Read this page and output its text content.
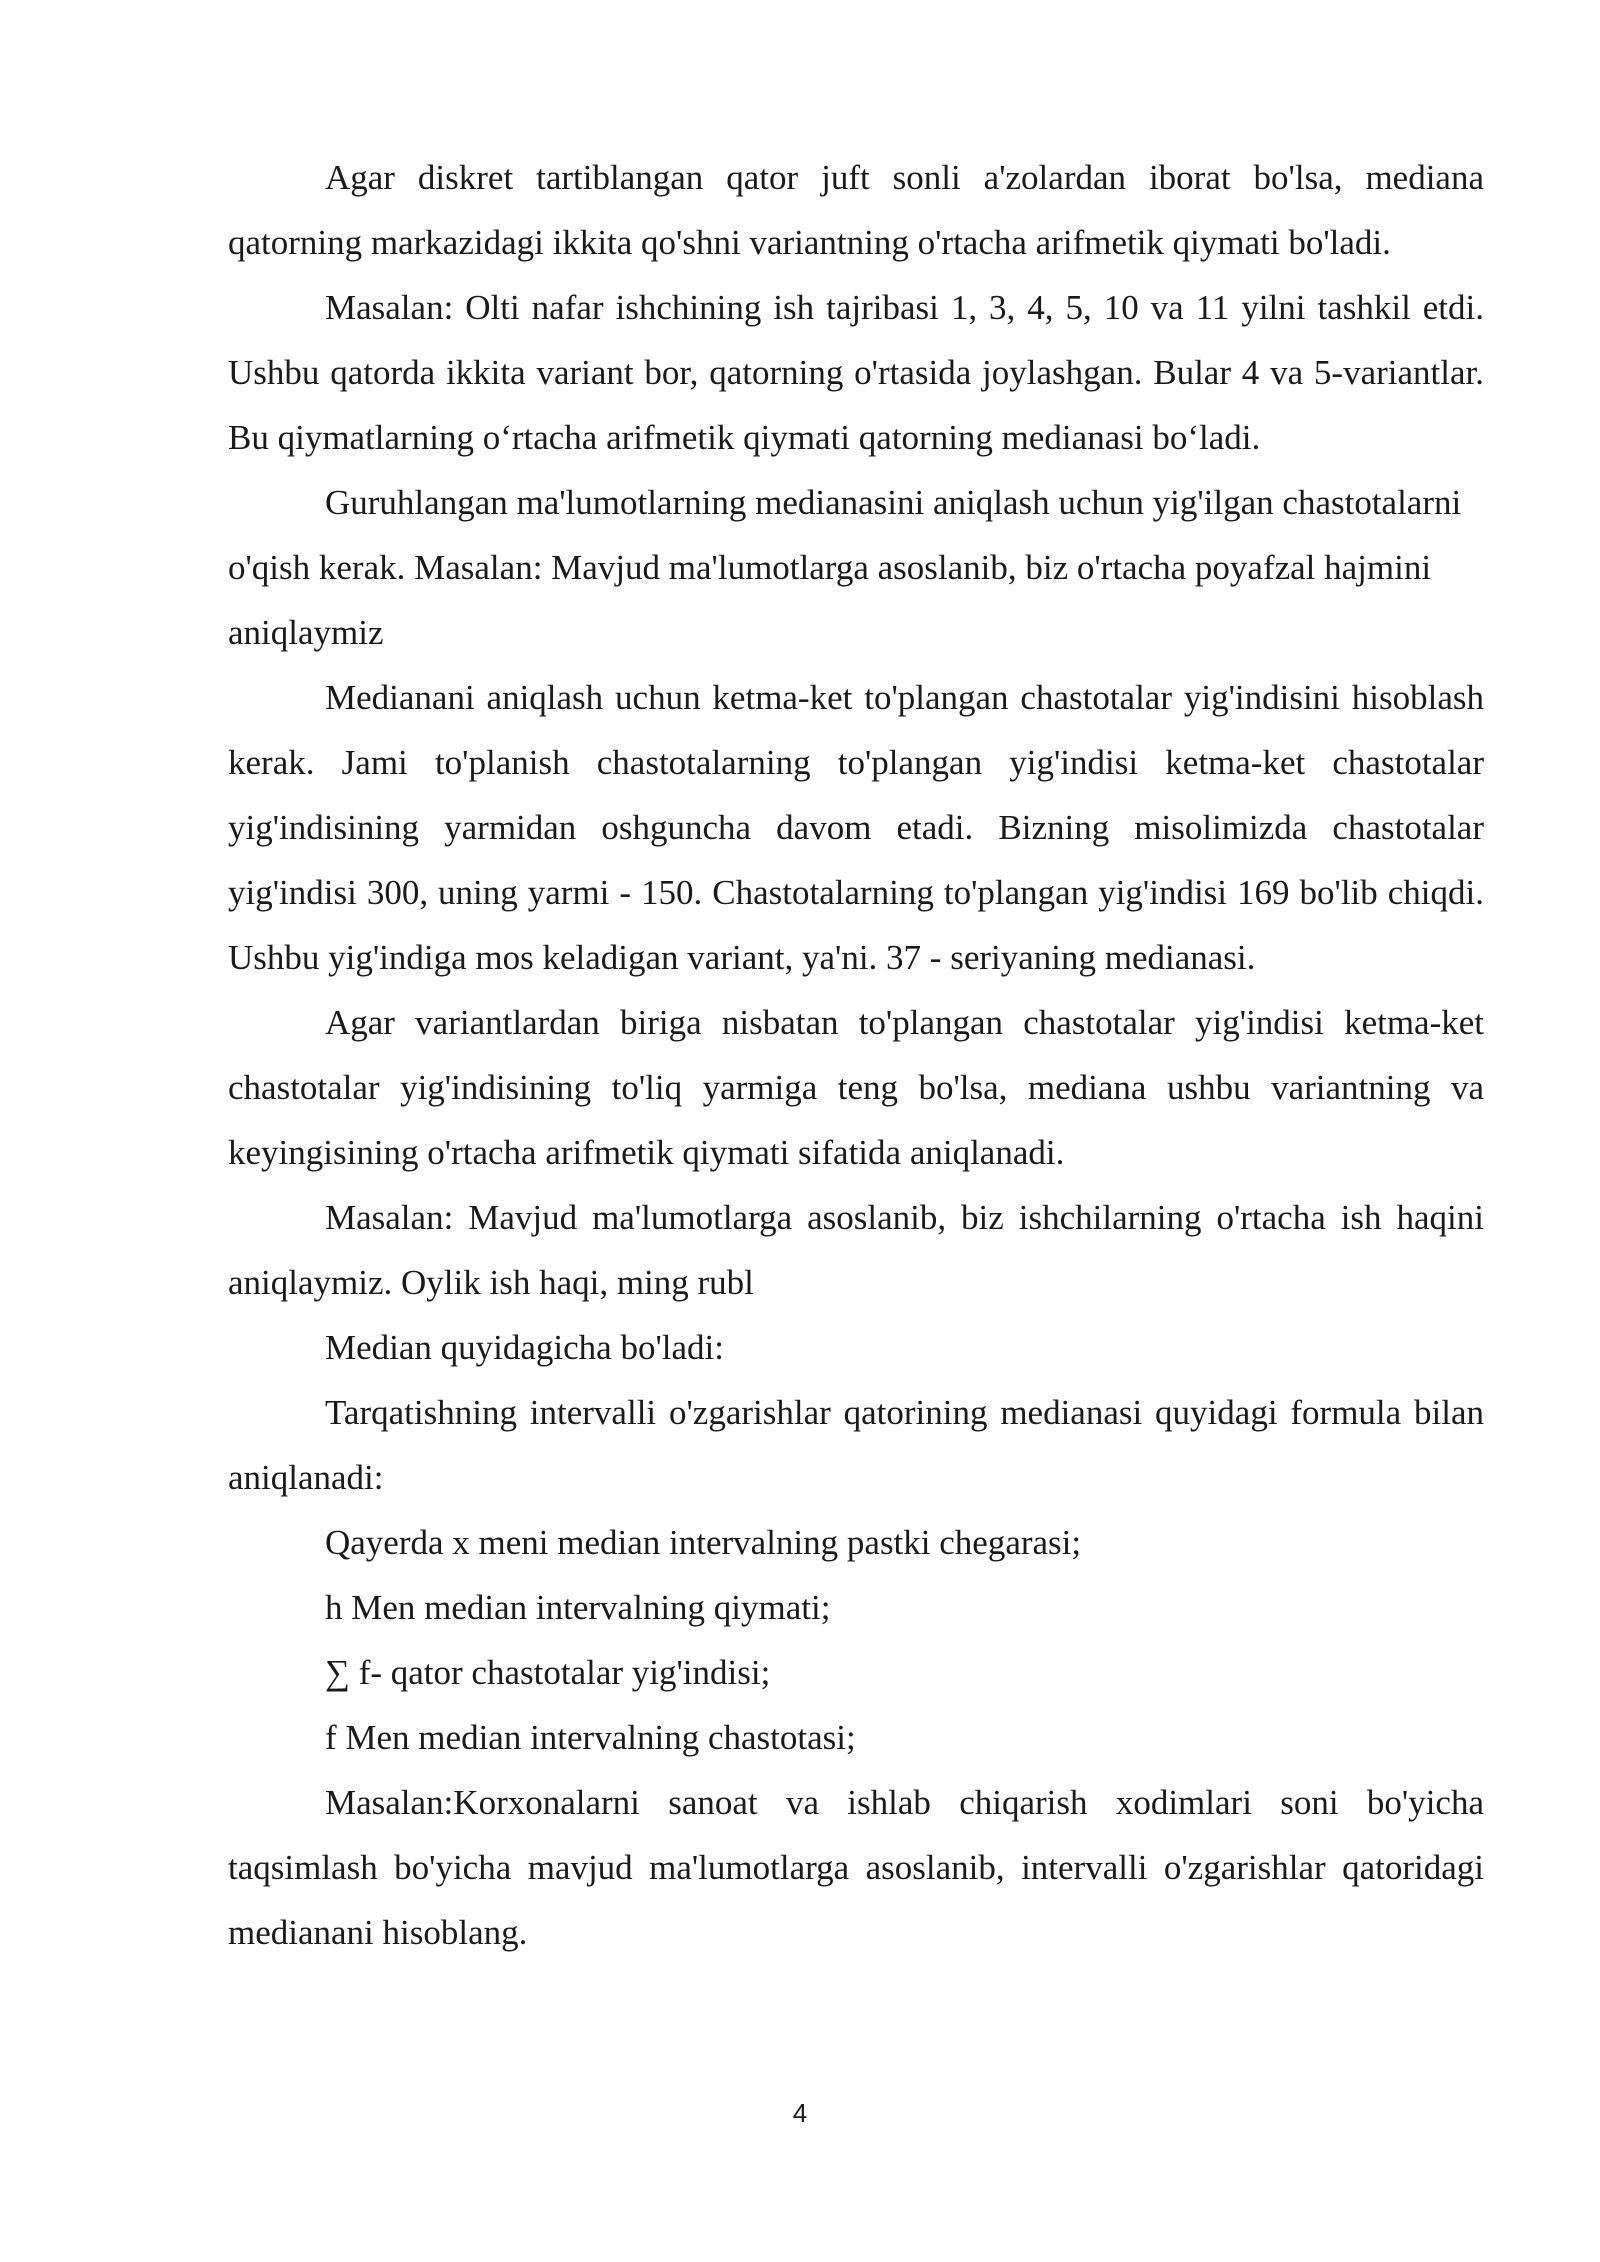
Agar diskret tartiblangan qator juft sonli a'zolardan iborat bo'lsa, mediana qatorning markazidagi ikkita qo'shni variantning o'rtacha arifmetik qiymati bo'ladi.

Masalan: Olti nafar ishchining ish tajribasi 1, 3, 4, 5, 10 va 11 yilni tashkil etdi. Ushbu qatorda ikkita variant bor, qatorning o'rtasida joylashgan. Bular 4 va 5-variantlar. Bu qiymatlarning o‘rtacha arifmetik qiymati qatorning medianasi bo‘ladi.

Guruhlangan ma'lumotlarning medianasini aniqlash uchun yig'ilgan chastotalarni o'qish kerak. Masalan: Mavjud ma'lumotlarga asoslanib, biz o'rtacha poyafzal hajmini aniqlaymiz

Medianani aniqlash uchun ketma-ket to'plangan chastotalar yig'indisini hisoblash kerak. Jami to'planish chastotalarning to'plangan yig'indisi ketma-ket chastotalar yig'indisining yarmidan oshguncha davom etadi. Bizning misolimizda chastotalar yig'indisi 300, uning yarmi - 150. Chastotalarning to'plangan yig'indisi 169 bo'lib chiqdi. Ushbu yig'indiga mos keladigan variant, ya'ni. 37 - seriyaning medianasi.

Agar variantlardan biriga nisbatan to'plangan chastotalar yig'indisi ketma-ket chastotalar yig'indisining to'liq yarmiga teng bo'lsa, mediana ushbu variantning va keyingisining o'rtacha arifmetik qiymati sifatida aniqlanadi.

Masalan: Mavjud ma'lumotlarga asoslanib, biz ishchilarning o'rtacha ish haqini aniqlaymiz. Oylik ish haqi, ming rubl

Median quyidagicha bo'ladi:

Tarqatishning intervalli o'zgarishlar qatorining medianasi quyidagi formula bilan aniqlanadi:

Qayerda x meni median intervalning pastki chegarasi;

h Men median intervalning qiymati;

∑ f- qator chastotalar yig'indisi;

f Men median intervalning chastotasi;

Masalan:Korxonalarni sanoat va ishlab chiqarish xodimlari soni bo'yicha taqsimlash bo'yicha mavjud ma'lumotlarga asoslanib, intervalli o'zgarishlar qatoridagi medianani hisoblang.

4
